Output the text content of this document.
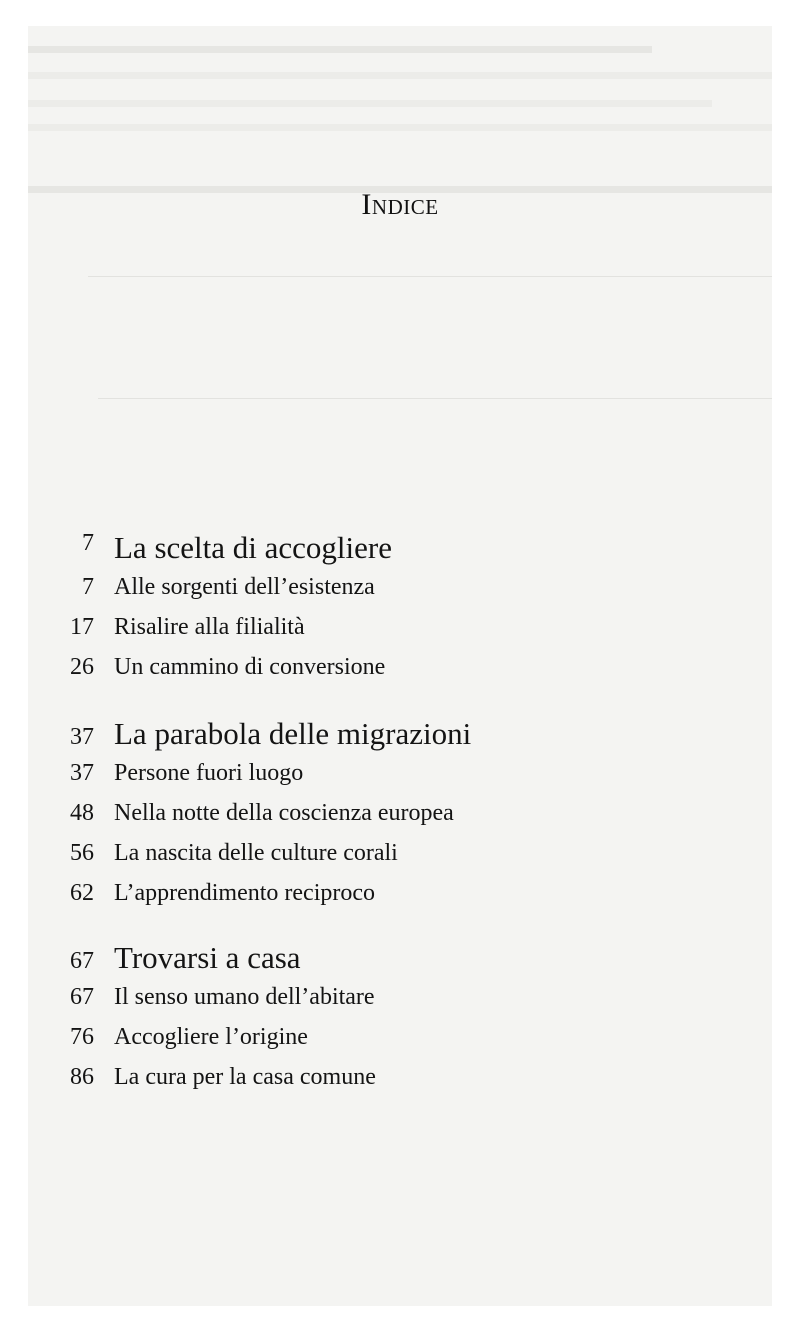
Indice
7 La scelta di accogliere
7 Alle sorgenti dell’esistenza
17 Risalire alla filialità
26 Un cammino di conversione
37 La parabola delle migrazioni
37 Persone fuori luogo
48 Nella notte della coscienza europea
56 La nascita delle culture corali
62 L’apprendimento reciproco
67 Trovarsi a casa
67 Il senso umano dell’abitare
76 Accogliere l’origine
86 La cura per la casa comune
